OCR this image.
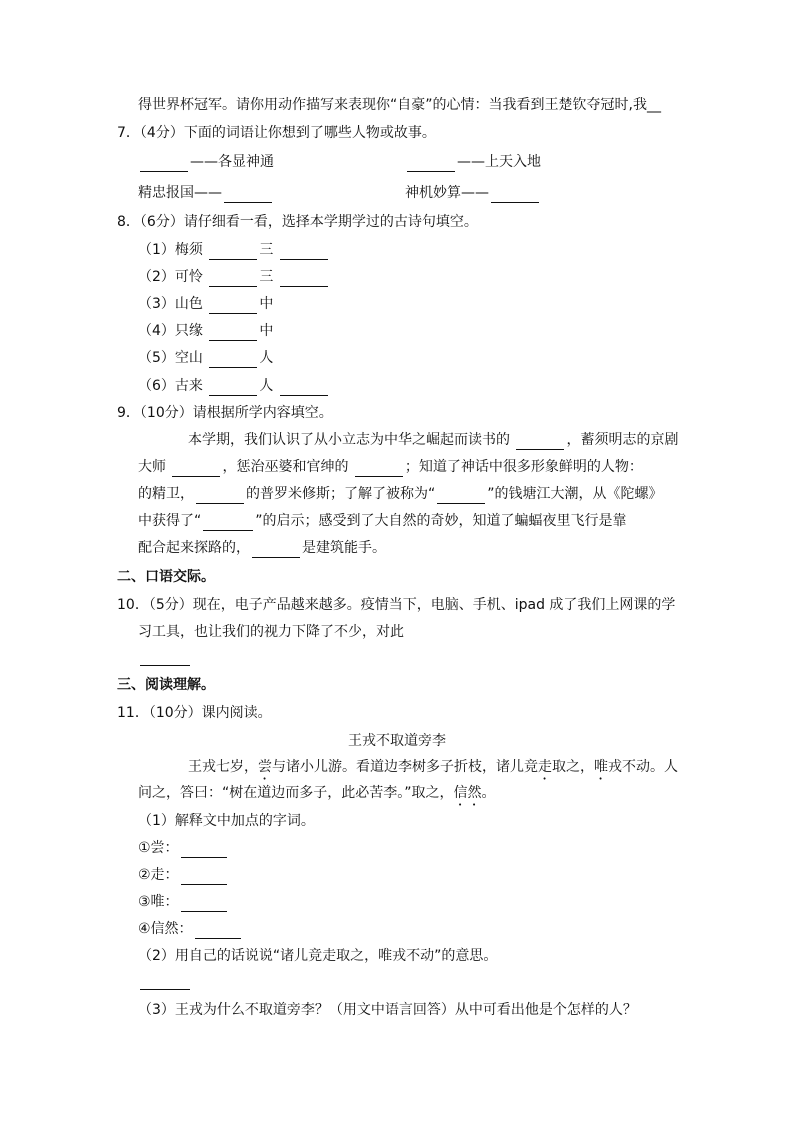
得世界杯冠军。请你用动作描写来表现你“自豪”的心情：当我看到王楚钦夺冠时,我__
7．（4分）下面的词语让你想到了哪些人物或故事。
——各显神通	——上天入地
精忠报国——	神机妙算——
8．（6分）请仔细看一看，选择本学期学过的古诗句填空。
（1）梅须	三
（2）可怜	三
（3）山色	中
（4）只缘	中
（5）空山	人
（6）古来	人
9．（10分）请根据所学内容填空。
本学期，我们认识了从小立志为中华之崛起而读书的	，蓄须明志的京剧
大师	，惩治巫婆和官绅的	；知道了神话中很多形象鲜明的人物：
的精卫，	的普罗米修斯；了解了被称为“	”的钱塘江大潮，从《陀螺》
中获得了“	”的启示；感受到了大自然的奇妙，知道了蝙蝠夜里飞行是靠
配合起来探路的，	是建筑能手。
二、口语交际。
10．（5分）现在，电子产品越来越多。疫情当下，电脑、手机、ipad 成了我们上网课的学
习工具，也让我们的视力下降了不少，对此
三、阅读理解。
11．（10分）课内阅读。
王戎不取道旁李
王戎七岁，尝与诸小儿游。看道边李树多子折枝，诸儿竞走取之，唯戎不动。人
问之，答曰：“树在道边而多子，此必苦李。”取之，信然。
（1）解释文中加点的字词。
①尝：
②走：
③唯：
④信然：
（2）用自己的话说说“诸儿竞走取之，唯戎不动”的意思。
（3）王戎为什么不取道旁李？（用文中语言回答）从中可看出他是个怎样的人？
